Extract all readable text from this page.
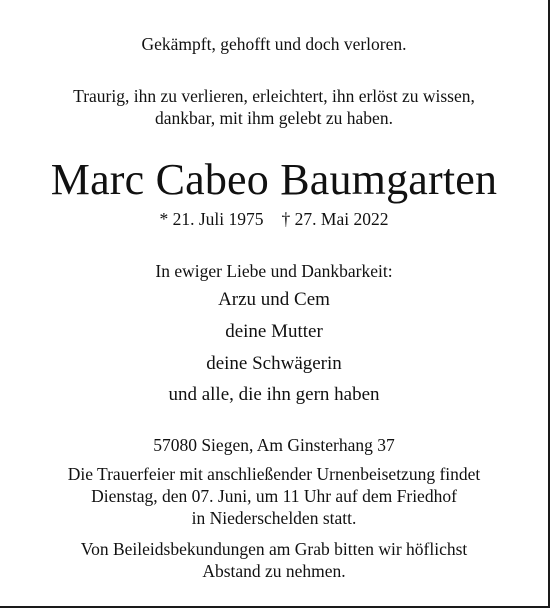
Gekämpft, gehofft und doch verloren.
Traurig, ihn zu verlieren, erleichtert, ihn erlöst zu wissen,
dankbar, mit ihm gelebt zu haben.
Marc Cabeo Baumgarten
* 21. Juli 1975 † 27. Mai 2022
In ewiger Liebe und Dankbarkeit:
Arzu und Cem
deine Mutter
deine Schwägerin
und alle, die ihn gern haben
57080 Siegen, Am Ginsterhang 37
Die Trauerfeier mit anschließender Urnenbeisetzung findet
Dienstag, den 07. Juni, um 11 Uhr auf dem Friedhof
in Niederschelden statt.
Von Beileidsbekundungen am Grab bitten wir höflichst
Abstand zu nehmen.
